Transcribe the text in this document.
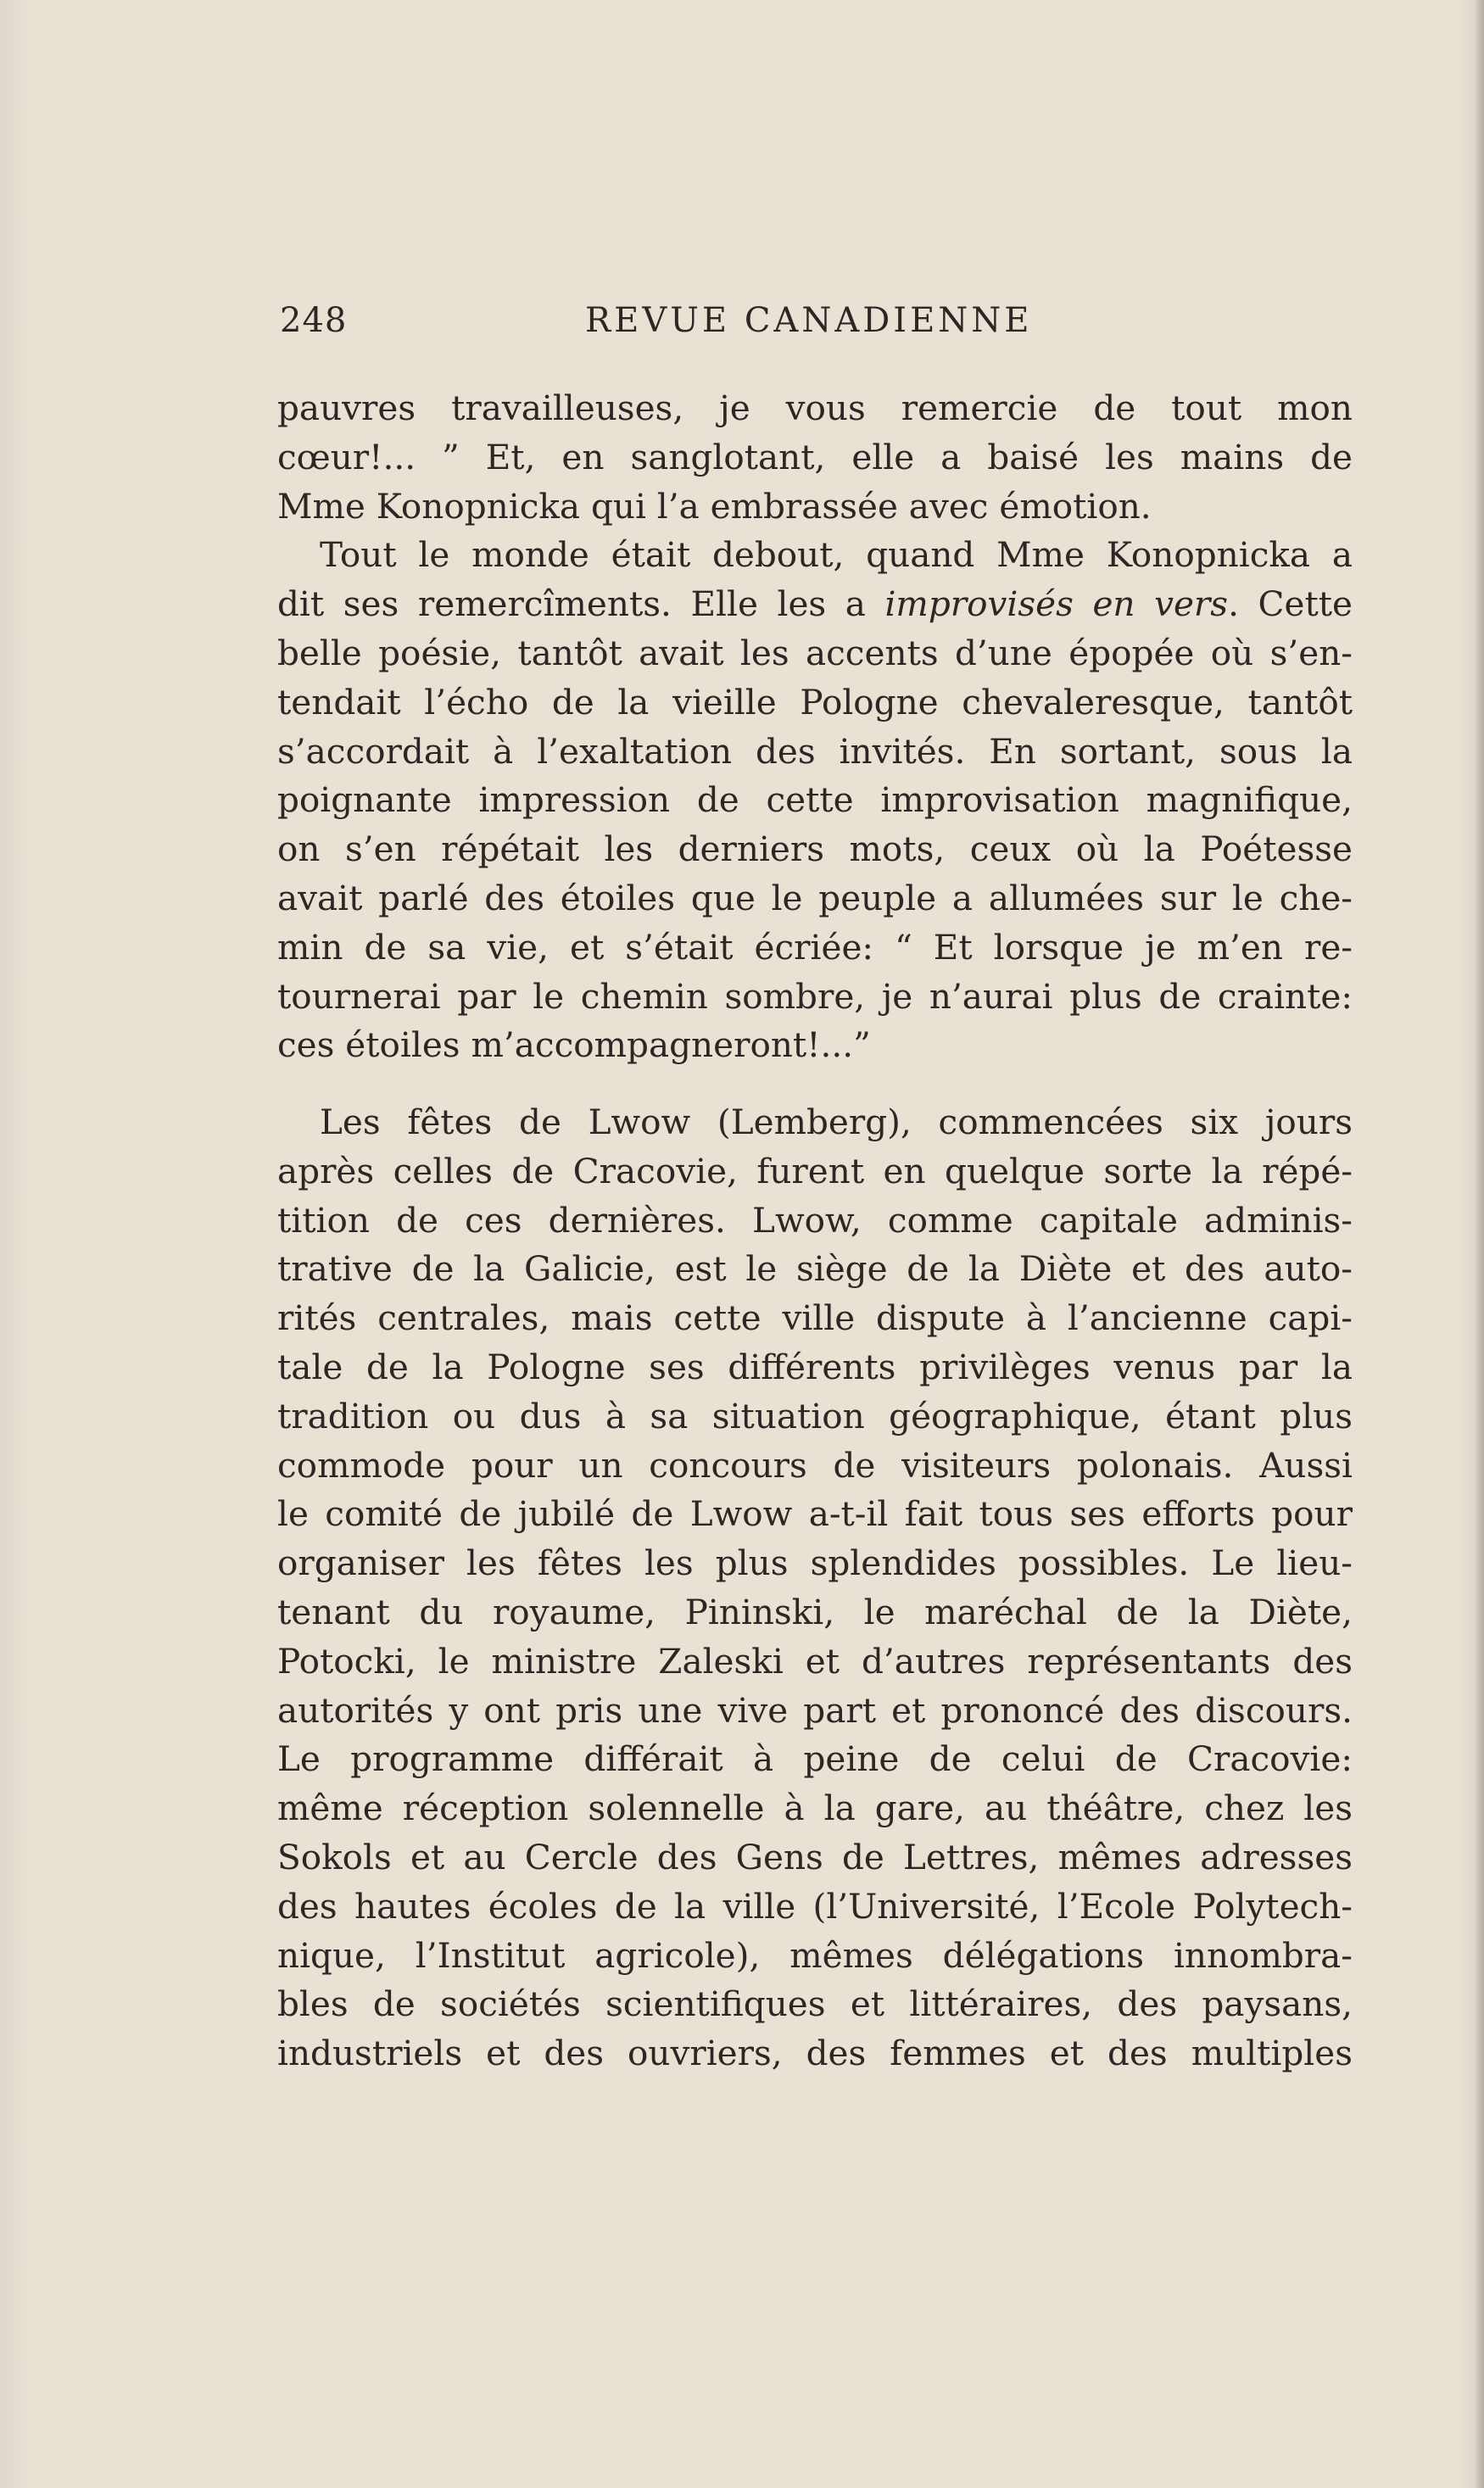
248	REVUE CANADIENNE
pauvres travailleuses, je vous remercie de tout mon
cœur!... ” Et, en sanglotant, elle a baisé les mains de
Mme Konopnicka qui l’a embrassée avec émotion.
Tout le monde était debout, quand Mme Konopnicka a
dit ses remercîments. Elle les a improvisés en vers. Cette
belle poésie, tantôt avait les accents d’une épopée où s’en-
tendait l’écho de la vieille Pologne chevaleresque, tantôt
s’accordait à l’exaltation des invités. En sortant, sous la
poignante impression de cette improvisation magnifique,
on s’en répétait les derniers mots, ceux où la Poétesse
avait parlé des étoiles que le peuple a allumées sur le che-
min de sa vie, et s’était écriée: “ Et lorsque je m’en re-
tournerai par le chemin sombre, je n’aurai plus de crainte:
ces étoiles m’accompagneront!...”
Les fêtes de Lwow (Lemberg), commencées six jours
après celles de Cracovie, furent en quelque sorte la répé-
tition de ces dernières. Lwow, comme capitale adminis-
trative de la Galicie, est le siège de la Diète et des auto-
rités centrales, mais cette ville dispute à l’ancienne capi-
tale de la Pologne ses différents privilèges venus par la
tradition ou dus à sa situation géographique, étant plus
commode pour un concours de visiteurs polonais. Aussi
le comité de jubilé de Lwow a-t-il fait tous ses efforts pour
organiser les fêtes les plus splendides possibles. Le lieu-
tenant du royaume, Pininski, le maréchal de la Diète,
Potocki, le ministre Zaleski et d’autres représentants des
autorités y ont pris une vive part et prononcé des discours.
Le programme différait à peine de celui de Cracovie:
même réception solennelle à la gare, au théâtre, chez les
Sokols et au Cercle des Gens de Lettres, mêmes adresses
des hautes écoles de la ville (l’Université, l’Ecole Polytech-
nique, l’Institut agricole), mêmes délégations innombra-
bles de sociétés scientifiques et littéraires, des paysans,
industriels et des ouvriers, des femmes et des multiples
